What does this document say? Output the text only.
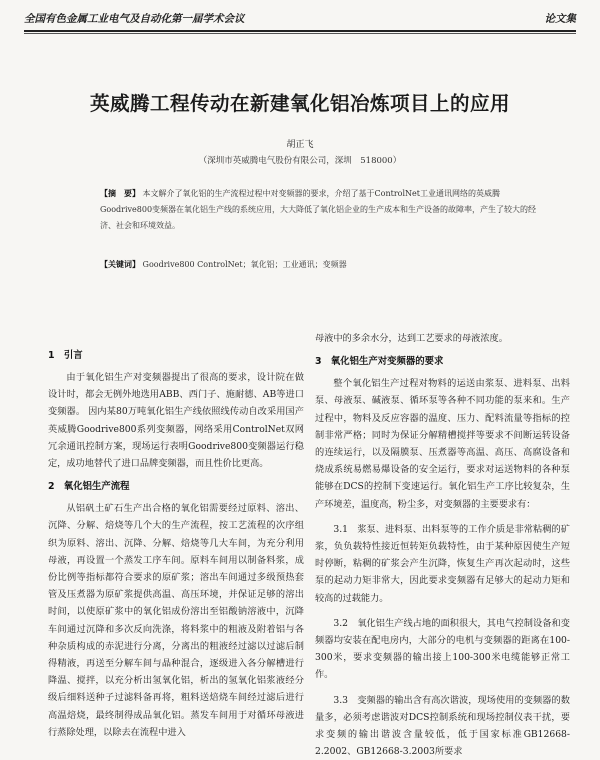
全国有色金属工业电气及自动化第一届学术会议	论文集
英威腾工程传动在新建氧化铝冶炼项目上的应用
胡正飞
（深圳市英威腾电气股份有限公司，深圳　518000）
【摘　要】 本文解介了氧化铝的生产流程过程中对变频器的要求，介绍了基于ControlNet工业通讯网络的英威腾Goodrive800变频器在氧化铝生产线的系统应用，大大降低了氧化铝企业的生产成本和生产设备的故障率，产生了较大的经济、社会和环境效益。
【关键词】 Goodrive800 ControlNet；氧化铝；工业通讯；变频器
1　引言

由于氧化铝生产对变频器提出了很高的要求，设计院在做设计时，都会无例外地选用ABB、西门子、施耐德、AB等进口变频器。 因内某80万吨氧化铝生产线依照线传动自改采用国产英威腾Goodrive800系列变频器，网络采用ControlNet双网冗余通讯控制方案，现场运行表明Goodrive800变频器运行稳定，成功地替代了进口品牌变频器，而且性价比更高。

2　氧化铝生产流程

从铝矾土矿石生产出合格的氧化铝需要经过原料、溶出、沉降、分解、焙烧等几个大的生产流程，按工艺流程的次序组织为原料、溶出、沉降、分解、焙烧等几大车间，为充分利用母液，再设置一个蒸发工序车间。原料车间用以制备料浆，成份比例等指标都符合要求的原矿浆；溶出车间通过多级预热套管及压煮器为原矿浆提供高温、高压环境，并保证足够的溶出时间，以使原矿浆中的氧化铝成份溶出至铝酸钠溶液中，沉降车间通过沉降和多次反向洗涤，将料浆中的粗液及附着铝与各种杂质构成的赤泥进行分离，分离出的粗液经过滤以过滤后制得精液，再送至分解车间与晶种混合，逐级进入各分解槽进行降温、搅拌，以充分析出氢氧化铝，析出的氢氧化铝浆液经分级后细料送种子过滤料备再将，粗料送焙烧车间经过滤后进行高温焙烧，最终制得成品氧化铝。蒸发车间用于对循环母液进行蒸除处理，以除去在流程中进入

母液中的多余水分，达到工艺要求的母液浓度。

3　氧化铝生产对变频器的要求

整个氧化铝生产过程对物料的运送由浆泵、进料泵、出料泵、母液泵、碱液泵、循环泵等各种不同功能的泵来和。生产过程中，物料及反应容器的温度、压力、配料流量等指标的控制非常严格；同时为保证分解精槽搅拌等要求不间断运转设备的连续运行，以及隔膜泵、压煮器等高温、高压、高腐设备和烧成系统易燃易爆设备的安全运行，要求对运送物料的各种泵能够在DCS的控制下变速运行。氧化铝生产工序比较复杂，生产环境差，温度高，粉尘多，对变频器的主要要求有：

3.1　浆泵、进料泵、出料泵等的工作介质是非常粘稠的矿浆，负负载特性接近恒转矩负载特性，由于某种原因使生产短时停断，粘稠的矿浆会产生沉降，恢复生产再次起动时，这些泵的起动力矩非常大，因此要求变频器有足够大的起动力矩和较高的过载能力。

3.2　氧化铝生产线占地的面积很大，其电气控制设备和变频器均安装在配电房内，大部分的电机与变频器的距离在100-300米，要求变频器的输出接上100-300米电缆能够正常工作。

3.3　变频器的输出含有高次谐波，现场使用的变频器的数量多，必须考虑谐波对DCS控制系统和现场控制仪表干扰，要求变频的输出谐波含量较低，低于国家标准GB12668-2.2002、GB12668-3.2003所要求
